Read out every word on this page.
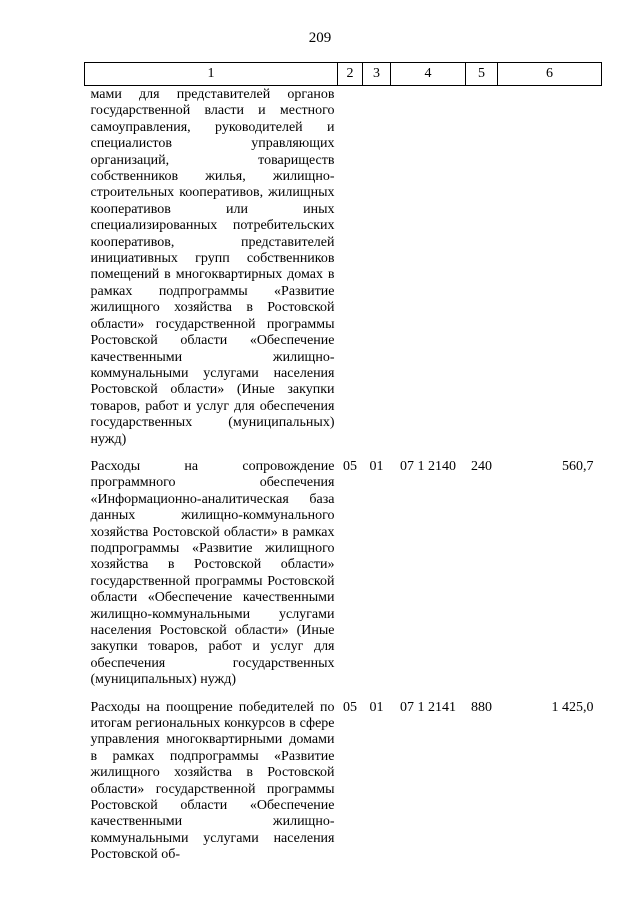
209
1	2	3	4	5	6
мами для представителей органов государственной власти и местного самоуправления, руководителей и специалистов управляющих организаций, товариществ собственников жилья, жилищно-строительных кооперативов, жилищных кооперативов или иных специализированных потребительских кооперативов, представителей инициативных групп собственников помещений в многоквартирных домах в рамках подпрограммы «Развитие жилищного хозяйства в Ростовской области» государственной программы Ростовской области «Обеспечение качественными жилищно-коммунальными услугами населения Ростовской области» (Иные закупки товаров, работ и услуг для обеспечения государственных (муниципальных) нужд)					
Расходы на сопровождение программного обеспечения «Информационно-аналитическая база данных жилищно-коммунального хозяйства Ростовской области» в рамках подпрограммы «Развитие жилищного хозяйства в Ростовской области» государственной программы Ростовской области «Обеспечение качественными жилищно-коммунальными услугами населения Ростовской области» (Иные закупки товаров, работ и услуг для обеспечения государственных (муниципальных) нужд)	05	01	07 1 2140	240	560,7
Расходы на поощрение победителей по итогам региональных конкурсов в сфере управления многоквартирными домами в рамках подпрограммы «Развитие жилищного хозяйства в Ростовской области» государственной программы Ростовской области «Обеспечение качественными жилищно-коммунальными услугами населения Ростовской об-	05	01	07 1 2141	880	1 425,0
